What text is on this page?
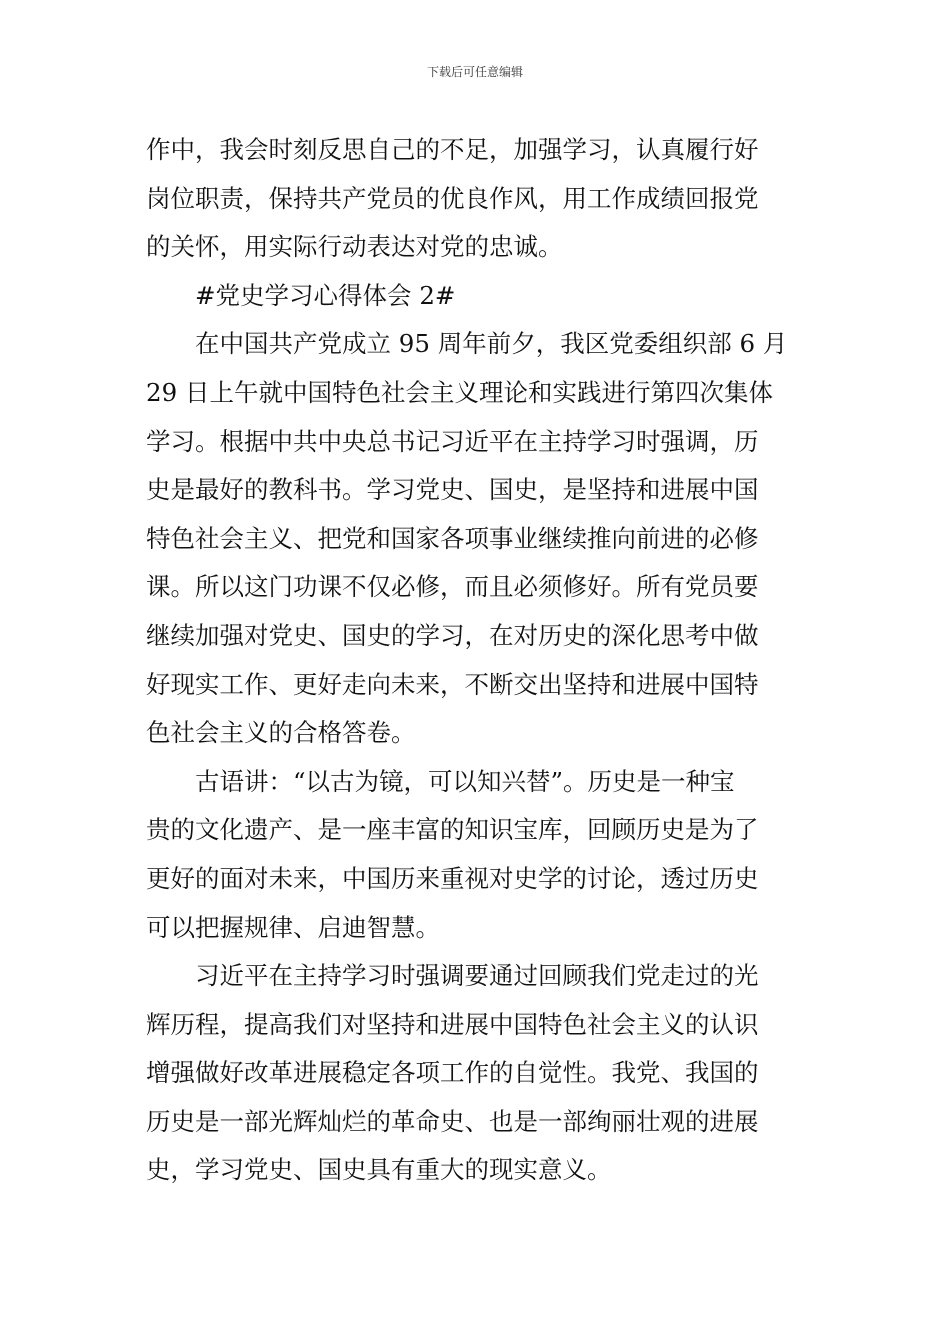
下载后可任意编辑
作中，我会时刻反思自己的不足，加强学习，认真履行好
岗位职责，保持共产党员的优良作风，用工作成绩回报党
的关怀，用实际行动表达对党的忠诚。
#党史学习心得体会 2#
在中国共产党成立 95 周年前夕，我区党委组织部 6 月
29 日上午就中国特色社会主义理论和实践进行第四次集体
学习。根据中共中央总书记习近平在主持学习时强调，历
史是最好的教科书。学习党史、国史，是坚持和进展中国
特色社会主义、把党和国家各项事业继续推向前进的必修
课。所以这门功课不仅必修，而且必须修好。所有党员要
继续加强对党史、国史的学习，在对历史的深化思考中做
好现实工作、更好走向未来，不断交出坚持和进展中国特
色社会主义的合格答卷。
古语讲：“以古为镜，可以知兴替”。历史是一种宝
贵的文化遗产、是一座丰富的知识宝库，回顾历史是为了
更好的面对未来，中国历来重视对史学的讨论，透过历史
可以把握规律、启迪智慧。
习近平在主持学习时强调要通过回顾我们党走过的光
辉历程，提高我们对坚持和进展中国特色社会主义的认识
增强做好改革进展稳定各项工作的自觉性。我党、我国的
历史是一部光辉灿烂的革命史、也是一部绚丽壮观的进展
史，学习党史、国史具有重大的现实意义。
